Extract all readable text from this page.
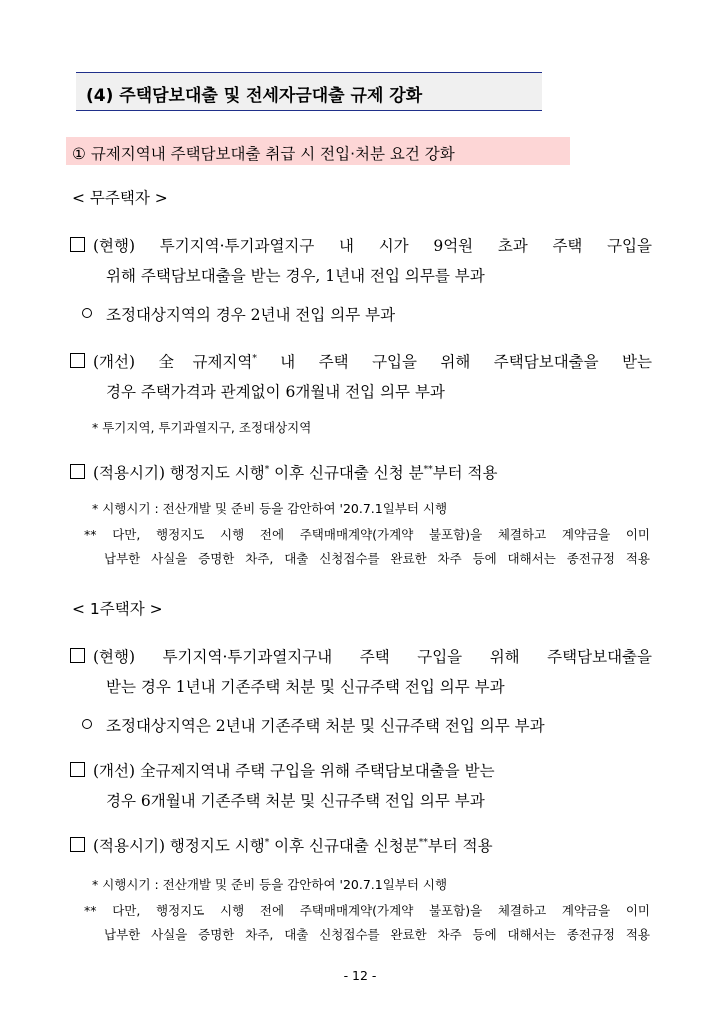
(4) 주택담보대출 및 전세자금대출 규제 강화
① 규제지역내 주택담보대출 취급 시 전입·처분 요건 강화
< 무주택자 >
(현행) 투기지역·투기과열지구 내 시가 9억원 초과 주택 구입을
위해 주택담보대출을 받는 경우, 1년내 전입 의무를 부과
조정대상지역의 경우 2년내 전입 의무 부과
(개선) 全규제지역* 내 주택 구입을 위해 주택담보대출을 받는
경우 주택가격과 관계없이 6개월내 전입 의무 부과
* 투기지역, 투기과열지구, 조정대상지역
(적용시기) 행정지도 시행* 이후 신규대출 신청 분**부터 적용
* 시행시기 : 전산개발 및 준비 등을 감안하여 '20.7.1일부터 시행
** 다만, 행정지도 시행 전에 주택매매계약(가계약 불포함)을 체결하고 계약금을 이미
납부한 사실을 증명한 차주, 대출 신청접수를 완료한 차주 등에 대해서는 종전규정 적용
< 1주택자 >
(현행) 투기지역·투기과열지구내 주택 구입을 위해 주택담보대출을
받는 경우 1년내 기존주택 처분 및 신규주택 전입 의무 부과
조정대상지역은 2년내 기존주택 처분 및 신규주택 전입 의무 부과
(개선) 全규제지역내 주택 구입을 위해 주택담보대출을 받는
경우 6개월내 기존주택 처분 및 신규주택 전입 의무 부과
(적용시기) 행정지도 시행* 이후 신규대출 신청분**부터 적용
* 시행시기 : 전산개발 및 준비 등을 감안하여 '20.7.1일부터 시행
** 다만, 행정지도 시행 전에 주택매매계약(가계약 불포함)을 체결하고 계약금을 이미
납부한 사실을 증명한 차주, 대출 신청접수를 완료한 차주 등에 대해서는 종전규정 적용
- 12 -
